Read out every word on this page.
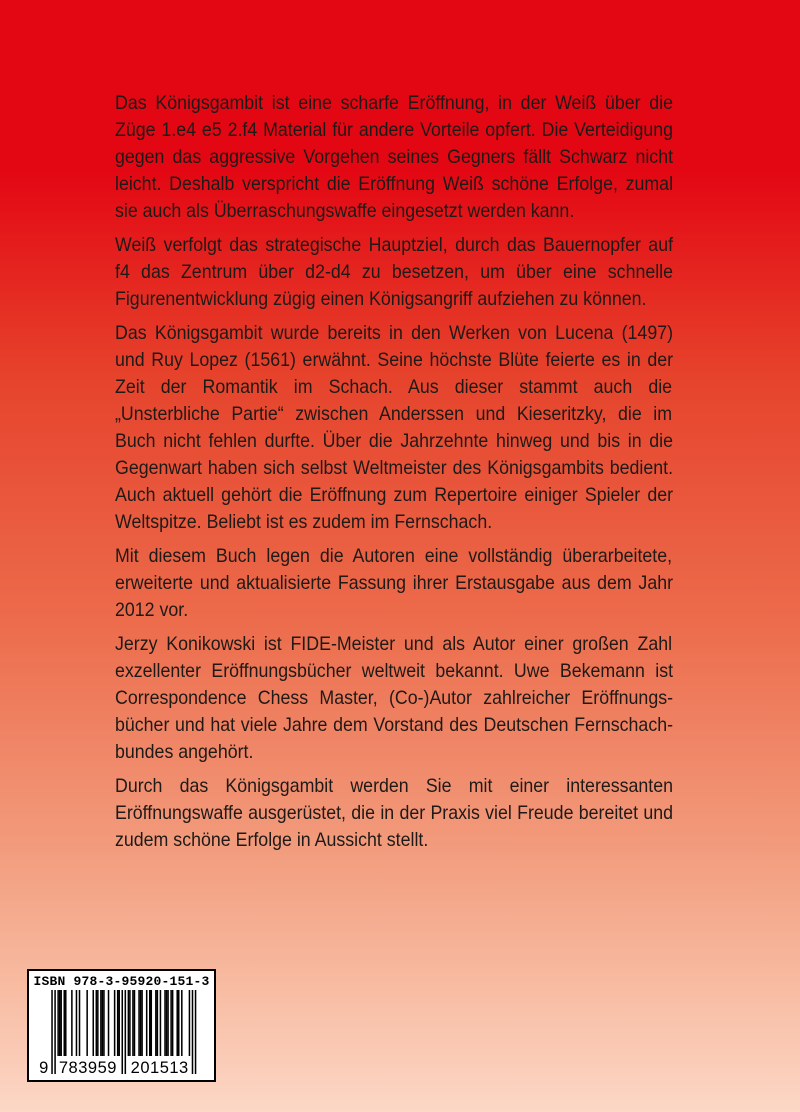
Das Königsgambit ist eine scharfe Eröffnung, in der Weiß über die
Züge 1.e4 e5 2.f4 Material für andere Vorteile opfert. Die Verteidigung
gegen das aggressive Vorgehen seines Gegners fällt Schwarz nicht
leicht. Deshalb verspricht die Eröffnung Weiß schöne Erfolge, zumal
sie auch als Überraschungswaffe eingesetzt werden kann.
Weiß verfolgt das strategische Hauptziel, durch das Bauernopfer auf
f4 das Zentrum über d2-d4 zu besetzen, um über eine schnelle
Figurenentwicklung zügig einen Königsangriff aufziehen zu können.
Das Königsgambit wurde bereits in den Werken von Lucena (1497)
und Ruy Lopez (1561) erwähnt. Seine höchste Blüte feierte es in der
Zeit der Romantik im Schach. Aus dieser stammt auch die
„Unsterbliche Partie“ zwischen Anderssen und Kieseritzky, die im
Buch nicht fehlen durfte. Über die Jahrzehnte hinweg und bis in die
Gegenwart haben sich selbst Weltmeister des Königsgambits bedient.
Auch aktuell gehört die Eröffnung zum Repertoire einiger Spieler der
Weltspitze. Beliebt ist es zudem im Fernschach.
Mit diesem Buch legen die Autoren eine vollständig überarbeitete,
erweiterte und aktualisierte Fassung ihrer Erstausgabe aus dem Jahr
2012 vor.
Jerzy Konikowski ist FIDE-Meister und als Autor einer großen Zahl
exzellenter Eröffnungsbücher weltweit bekannt. Uwe Bekemann ist
Correspondence Chess Master, (Co-)Autor zahlreicher Eröffnungs-
bücher und hat viele Jahre dem Vorstand des Deutschen Fernschach-
bundes angehört.
Durch das Königsgambit werden Sie mit einer interessanten
Eröffnungswaffe ausgerüstet, die in der Praxis viel Freude bereitet und
zudem schöne Erfolge in Aussicht stellt.
ISBN 978-3-95920-151-3
9 783959 201513
